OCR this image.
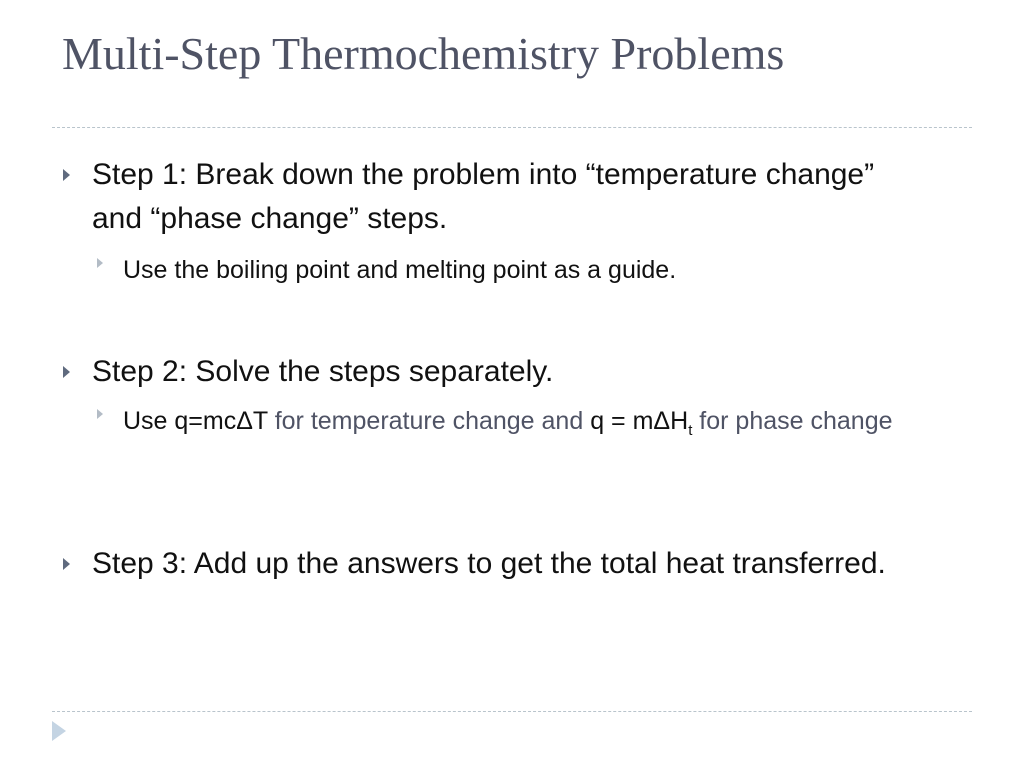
Multi-Step Thermochemistry Problems
Step 1: Break down the problem into “temperature change” and “phase change” steps.
Use the boiling point and melting point as a guide.
Step 2: Solve the steps separately.
Use q=mcΔT for temperature change and q = mΔH$_t$ for phase change
Step 3: Add up the answers to get the total heat transferred.
